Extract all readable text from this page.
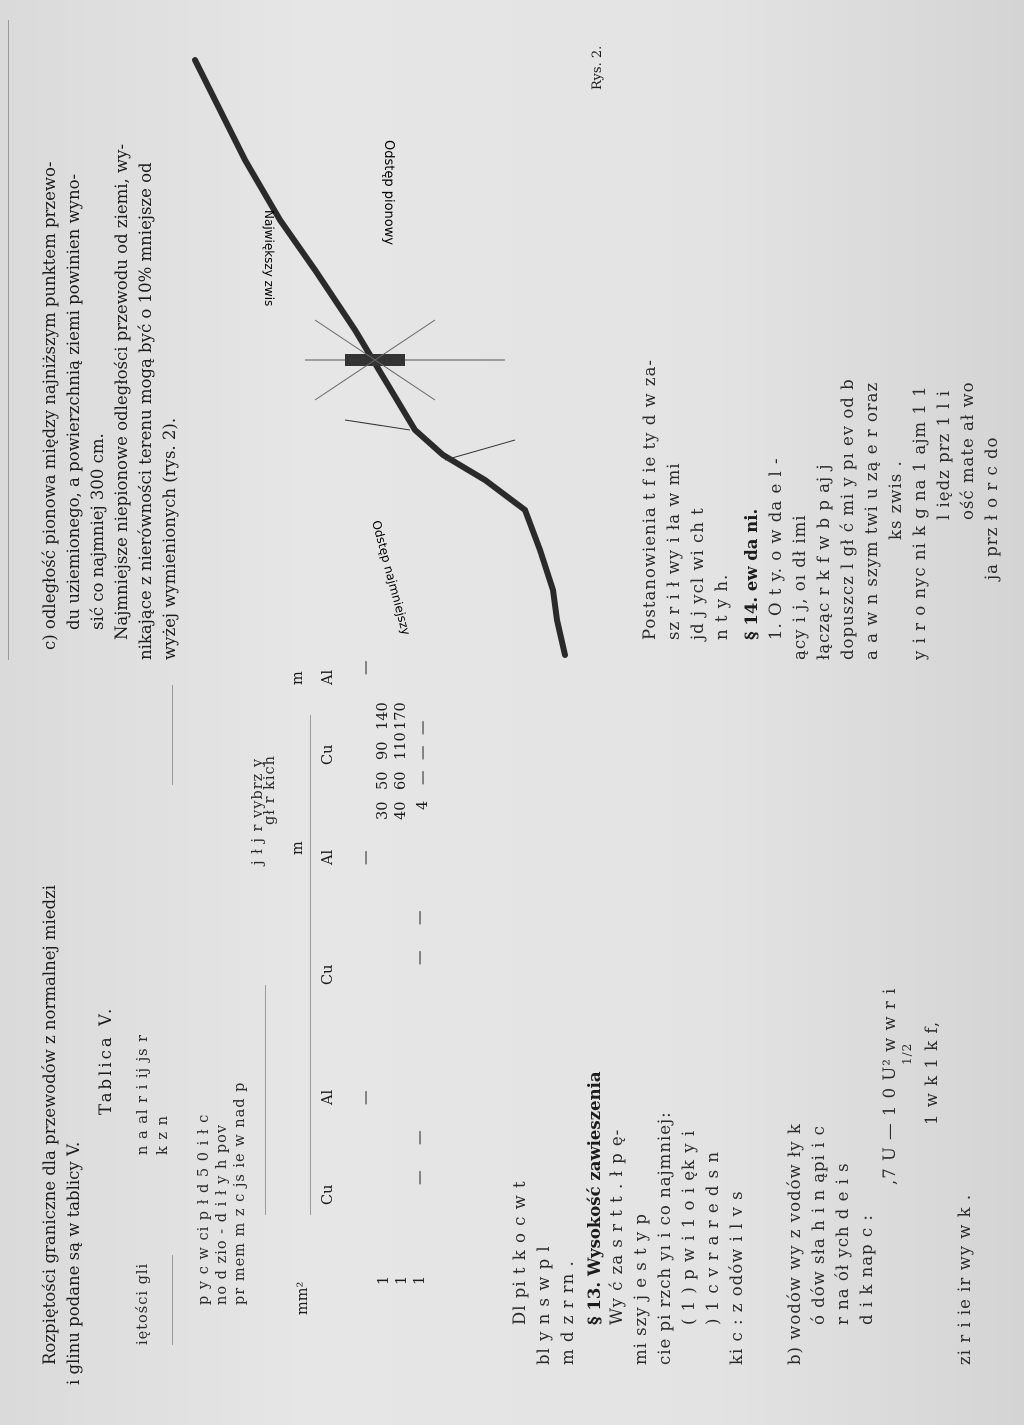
Rozpiętości graniczne dla przewodów z normalnej miedzi i glinu podane są w tablicy V.
Tablica V.
iętości gli
n a al r i ij js r k z n p y c w ci p ł d 5 0 i ł c no d zio - d i ł y h pov pr mem m z c js ie w nad p
j ł j r vybrz y
gł r kich
mm²
m
m
Cu
Al
Cu
Al
Cu
Al
—
—
—
1 1 1
—
—
—
—
4
—
—
—
30 40
50 60
90 110
140 170
Dl pi t k o c w t bl y n s w p l m d z r rn . § 13. Wysokość zawieszenia Wy ć za s r t t . ł p ę- mi szy j e s t y p cie pi rzch yı i co najmniej: ( 1 ) p w i 1 o i ęk y i ) 1 c v r a r e d s n ki c : z odów i l v s b) wodów wy z vodów ły k ó dów sła h i n ąpi i c r na ół ych d e i s d i k nap c :
,7 U — 1 0 U² w w r i 1/2 1 w k 1 k f,
zi r i ie ir wy w k .
c) odległość pionowa między najniższym punktem przewo- du uziemionego, a powierzchnią ziemi powinien wyno- sić co najmniej 300 cm. Najmniejsze niepionowe odległości przewodu od ziemi, wy- nikające z nierówności terenu mogą być o 10% mniejsze od wyżej wymienionych (rys. 2).
Największy zwis
Odstęp pionowy
Odstęp najmniejszy
Rys. 2.
Postanowienia t f ie ty d w za- sz r i ł wy i ła w mi jd j ycl wi ch t n t y h. § 14. ew da ni. 1. O t y. o w da e l - ący i j, oı dł imi łącząc r k f w b p aj j dopuszcz l gł ć mi y pı ev od b a a w n szym twi u zą e r oraz ks zwis . y i r o nyc ni k g na 1 ajm 1 1 l iędz prz 1 l i ość mate ał wo ja prz ł o r c do
